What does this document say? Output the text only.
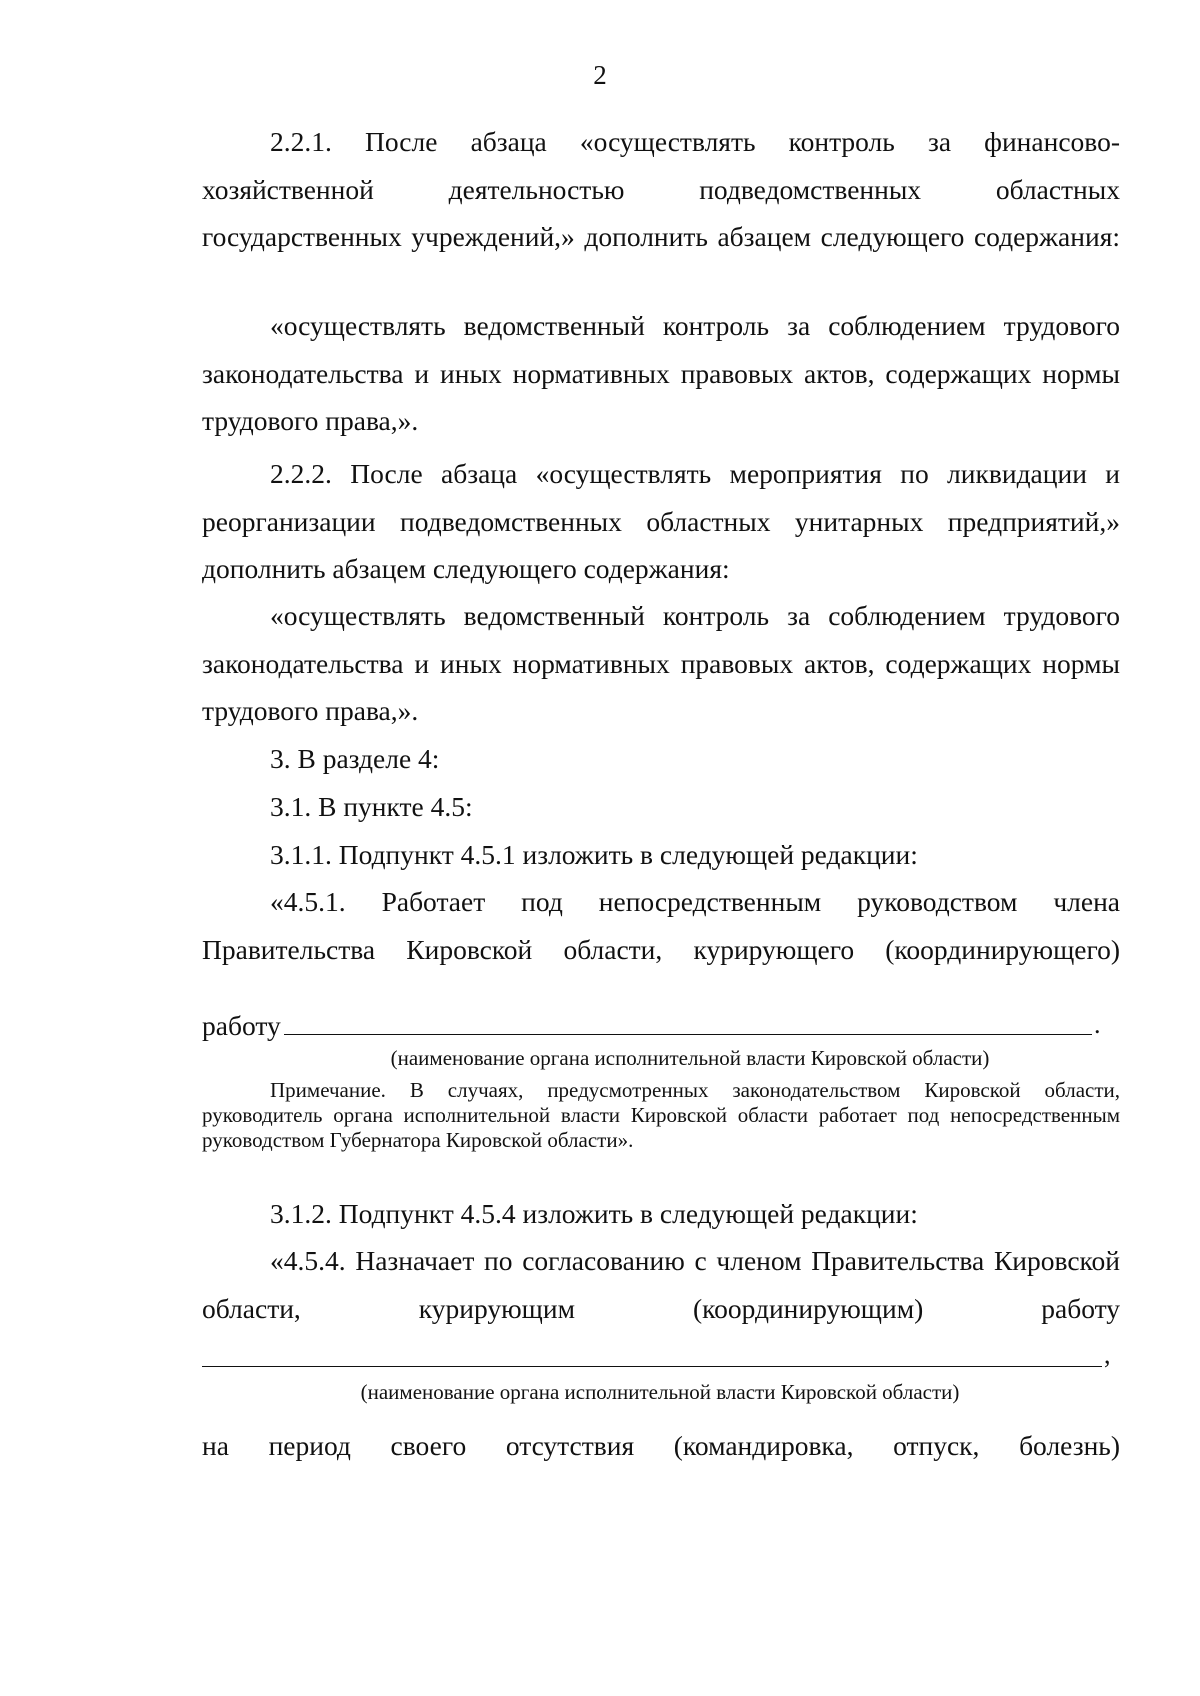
2

2.2.1. После абзаца «осуществлять контроль за финансово-хозяйственной деятельностью подведомственных областных государственных учреждений,» дополнить абзацем следующего содержания:

«осуществлять ведомственный контроль за соблюдением трудового законодательства и иных нормативных правовых актов, содержащих нормы трудового права,».

2.2.2. После абзаца «осуществлять мероприятия по ликвидации и реорганизации подведомственных областных унитарных предприятий,» дополнить абзацем следующего содержания:

«осуществлять ведомственный контроль за соблюдением трудового законодательства и иных нормативных правовых актов, содержащих нормы трудового права,».

3. В разделе 4:

3.1. В пункте 4.5:

3.1.1. Подпункт 4.5.1 изложить в следующей редакции:

«4.5.1. Работает под непосредственным руководством члена Правительства Кировской области, курирующего (координирующего)

работу	.
(наименование органа исполнительной власти Кировской области)

Примечание. В случаях, предусмотренных законодательством Кировской области, руководитель органа исполнительной власти Кировской области работает под непосредственным руководством Губернатора Кировской области».

3.1.2. Подпункт 4.5.4 изложить в следующей редакции:

«4.5.4. Назначает по согласованию с членом Правительства Кировской области, курирующим (координирующим) работу

,
(наименование органа исполнительной власти Кировской области)

на период своего отсутствия (командировка, отпуск, болезнь)
